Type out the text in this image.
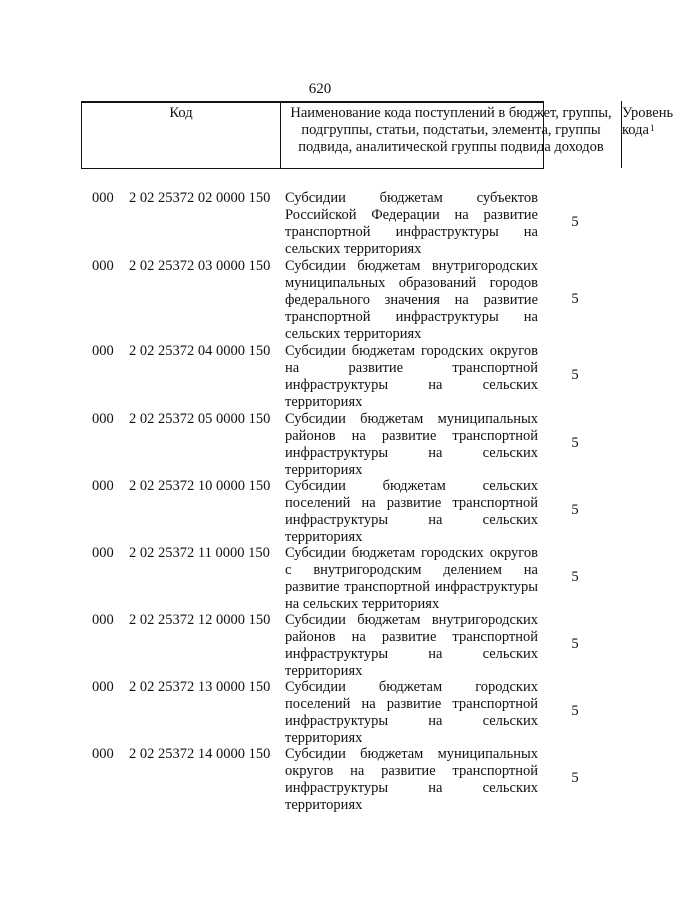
620
Код	Наименование кода поступлений в бюджет, группы, подгруппы, статьи, подстатьи, элемента, группы подвида, аналитической группы подвида доходов
Уровень кода$^1$
000 2 02 25372 02 0000 150 Субсидии бюджетам субъектов Российской Федерации на развитие транспортной инфраструктуры на сельских территориях
5
000 2 02 25372 03 0000 150 Субсидии бюджетам внутригородских муниципальных образований городов федерального значения на развитие транспортной инфраструктуры на сельских территориях
5
000 2 02 25372 04 0000 150 Субсидии бюджетам городских округов на развитие транспортной инфраструктуры на сельских территориях
5
000 2 02 25372 05 0000 150 Субсидии бюджетам муниципальных районов на развитие транспортной инфраструктуры на сельских территориях
5
000 2 02 25372 10 0000 150 Субсидии бюджетам сельских поселений на развитие транспортной инфраструктуры на сельских территориях
5
000 2 02 25372 11 0000 150 Субсидии бюджетам городских округов с внутригородским делением на развитие транспортной инфраструктуры на сельских территориях
5
000 2 02 25372 12 0000 150 Субсидии бюджетам внутригородских районов на развитие транспортной инфраструктуры на сельских территориях
5
000 2 02 25372 13 0000 150 Субсидии бюджетам городских поселений на развитие транспортной инфраструктуры на сельских территориях
5
000 2 02 25372 14 0000 150 Субсидии бюджетам муниципальных округов на развитие транспортной инфраструктуры на сельских территориях
5
